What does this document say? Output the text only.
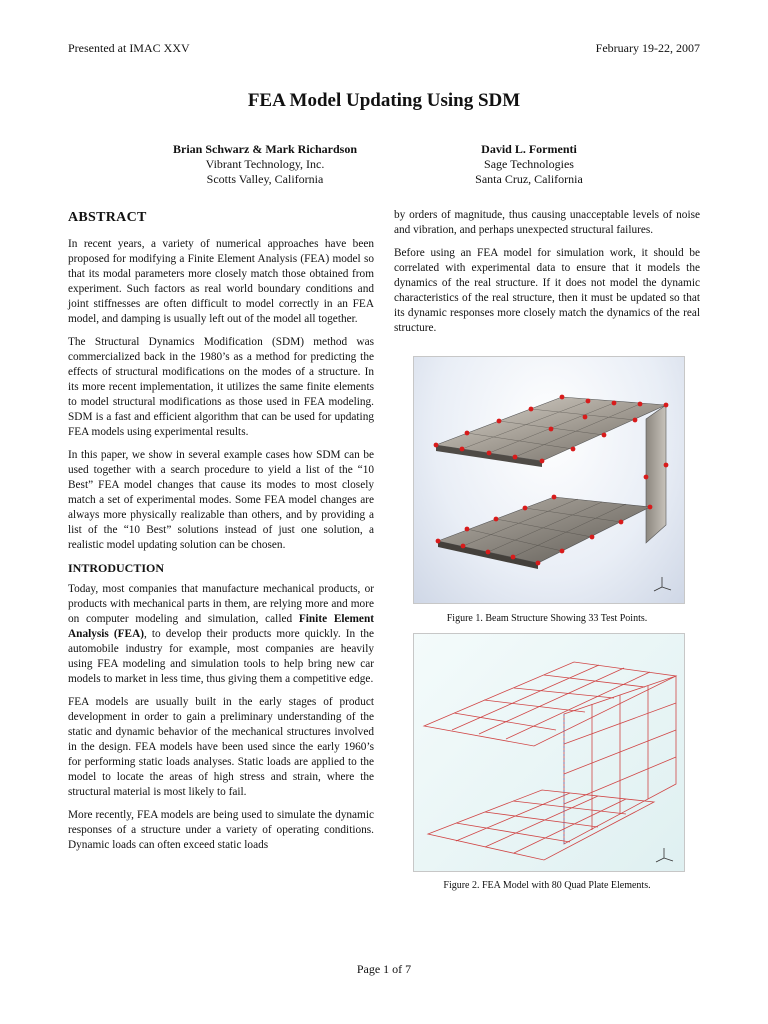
Presented at IMAC XXV	February 19-22, 2007
FEA Model Updating Using SDM
Brian Schwarz & Mark Richardson
Vibrant Technology, Inc.
Scotts Valley, California
David L. Formenti
Sage Technologies
Santa Cruz, California
ABSTRACT

In recent years, a variety of numerical approaches have been proposed for modifying a Finite Element Analysis (FEA) model so that its modal parameters more closely match those obtained from experiment. Such factors as real world boundary conditions and joint stiffnesses are often difficult to model correctly in an FEA model, and damping is usually left out of the model all together.

The Structural Dynamics Modification (SDM) method was commercialized back in the 1980’s as a method for predicting the effects of structural modifications on the modes of a structure. In its more recent implementation, it utilizes the same finite elements to model structural modifications as those used in FEA modeling. SDM is a fast and efficient algorithm that can be used for updating FEA models using experimental results.

In this paper, we show in several example cases how SDM can be used together with a search procedure to yield a list of the “10 Best” FEA model changes that cause its modes to most closely match a set of experimental modes. Some FEA model changes are always more physically realizable than others, and by providing a list of the “10 Best” solutions instead of just one solution, a realistic model updating solution can be chosen.

INTRODUCTION

Today, most companies that manufacture mechanical products, or products with mechanical parts in them, are relying more and more on computer modeling and simulation, called Finite Element Analysis (FEA), to develop their products more quickly. In the automobile industry for example, most companies are heavily using FEA modeling and simulation tools to help bring new car models to market in less time, thus giving them a competitive edge.

FEA models are usually built in the early stages of product development in order to gain a preliminary understanding of the static and dynamic behavior of the mechanical structures involved in the design. FEA models have been used since the early 1960’s for performing static loads analyses. Static loads are applied to the model to locate the areas of high stress and strain, where the structural material is most likely to fail.

More recently, FEA models are being used to simulate the dynamic responses of a structure under a variety of operating conditions. Dynamic loads can often exceed static loads

by orders of magnitude, thus causing unacceptable levels of noise and vibration, and perhaps unexpected structural failures.

Before using an FEA model for simulation work, it should be correlated with experimental data to ensure that it models the dynamics of the real structure. If it does not model the dynamic characteristics of the real structure, then it must be updated so that its dynamic responses more closely match the dynamics of the real structure.

Figure 1. Beam Structure Showing 33 Test Points.
Figure 2. FEA Model with 80 Quad Plate Elements.
Page 1 of 7
